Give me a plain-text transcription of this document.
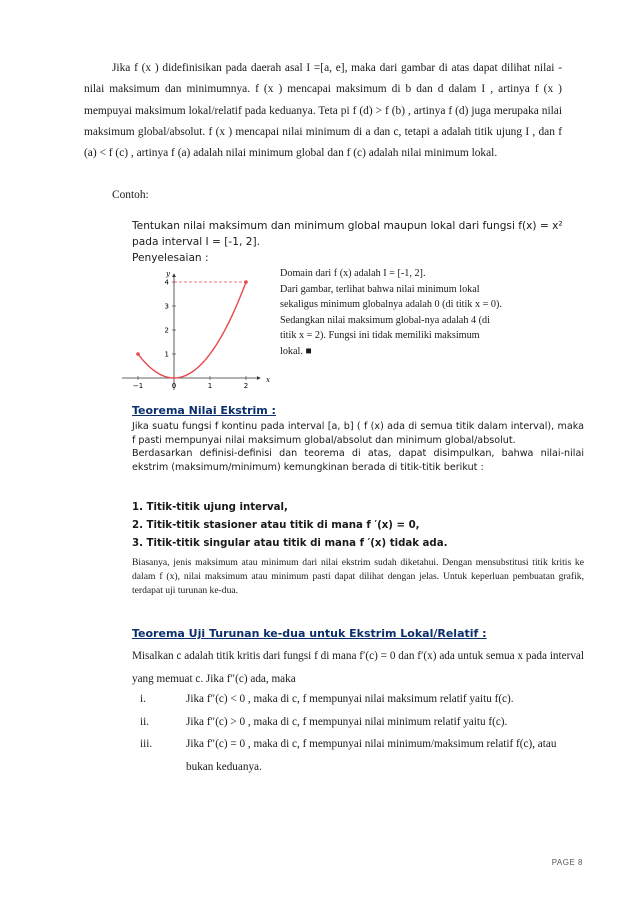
Jika f (x ) didefinisikan pada daerah asal I =[a, e], maka dari gambar di atas dapat dilihat nilai - nilai maksimum dan minimumnya. f (x ) mencapai maksimum di b dan d dalam I , artinya f (x ) mempuyai maksimum lokal/relatif pada keduanya. Teta pi f (d) > f (b) , artinya f (d) juga merupaka nilai maksimum global/absolut. f (x ) mencapai nilai minimum di a dan c, tetapi a adalah titik ujung I , dan f (a) < f (c) , artinya f (a) adalah nilai minimum global dan f (c) adalah nilai minimum lokal.

Contoh:
Tentukan nilai maksimum dan minimum global maupun lokal dari fungsi f(x) = x²
pada interval I = [-1, 2].
Penyelesaian :
−1	0	1	2
1
2
3
4
y
x
Domain dari f (x) adalah I = [-1, 2].
Dari gambar, terlihat bahwa nilai minimum lokal
sekaligus minimum globalnya adalah 0 (di titik x = 0).
Sedangkan nilai maksimum global-nya adalah 4 (di
titik x = 2). Fungsi ini tidak memiliki maksimum
lokal. ■
Teorema Nilai Ekstrim :

Jika suatu fungsi f kontinu pada interval [a, b] ( f (x) ada di semua titik dalam interval), maka f pasti mempunyai nilai maksimum global/absolut dan minimum global/absolut.

Berdasarkan definisi-definisi dan teorema di atas, dapat disimpulkan, bahwa nilai-nilai ekstrim (maksimum/minimum) kemungkinan berada di titik-titik berikut :

1. Titik-titik ujung interval,
2. Titik-titik stasioner atau titik di mana f ′(x) = 0,
3. Titik-titik singular atau titik di mana f ′(x) tidak ada.
Biasanya, jenis maksimum atau minimum dari nilai ekstrim sudah diketahui. Dengan mensubstitusi titik kritis ke dalam f (x), nilai maksimum atau minimum pasti dapat dilihat dengan jelas. Untuk keperluan pembuatan grafik, terdapat uji turunan ke-dua.
Teorema Uji Turunan ke-dua untuk Ekstrim Lokal/Relatif :

Misalkan c adalah titik kritis dari fungsi f di mana f′(c) = 0 dan f′(x) ada untuk semua x pada interval yang memuat c. Jika f″(c) ada, maka

i.	Jika f″(c) < 0 , maka di c, f mempunyai nilai maksimum relatif yaitu f(c).
ii.	Jika f″(c) > 0 , maka di c, f mempunyai nilai minimum relatif yaitu f(c).
iii.	Jika f″(c) = 0 , maka di c, f mempunyai nilai minimum/maksimum relatif f(c), atau bukan keduanya.
PAGE 8
